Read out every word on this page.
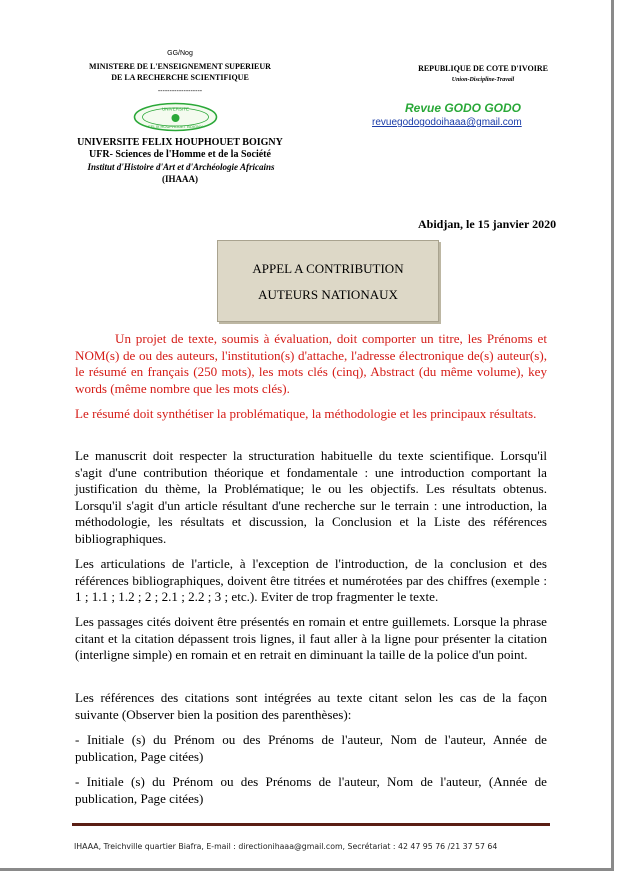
GG/Nog
MINISTERE DE L'ENSEIGNEMENT SUPERIEUR
DE LA RECHERCHE SCIENTIFIQUE
-------------------
UNIVERSITE
FELIX HOUPHOUET BOIGNY
UNIVERSITE FELIX HOUPHOUET BOIGNY
UFR- Sciences de l'Homme et de la Société
Institut d'Histoire d'Art et d'Archéologie Africains
(IHAAA)
REPUBLIQUE DE COTE D'IVOIRE
Union-Discipline-Travail
Revue GODO GODO
revuegodogodoihaaa@gmail.com
Abidjan, le 15 janvier 2020
APPEL A CONTRIBUTION
AUTEURS NATIONAUX
Un projet de texte, soumis à évaluation, doit comporter un titre, les Prénoms et NOM(s) de ou des auteurs, l'institution(s) d'attache, l'adresse électronique de(s) auteur(s), le résumé en français (250 mots), les mots clés (cinq), Abstract (du même volume), key words (même nombre que les mots clés).
Le résumé doit synthétiser la problématique, la méthodologie et les principaux résultats.
Le manuscrit doit respecter la structuration habituelle du texte scientifique. Lorsqu'il s'agit d'une contribution théorique et fondamentale : une introduction comportant la justification du thème, la Problématique; le ou les objectifs. Les résultats obtenus. Lorsqu'il s'agit d'un article résultant d'une recherche sur le terrain : une introduction, la méthodologie, les résultats et discussion, la Conclusion et la Liste des références bibliographiques.
Les articulations de l'article, à l'exception de l'introduction, de la conclusion et des références bibliographiques, doivent être titrées et numérotées par des chiffres (exemple : 1 ; 1.1 ; 1.2 ; 2 ; 2.1 ; 2.2 ; 3 ; etc.). Eviter de trop fragmenter le texte.
Les passages cités doivent être présentés en romain et entre guillemets. Lorsque la phrase citant et la citation dépassent trois lignes, il faut aller à la ligne pour présenter la citation (interligne simple) en romain et en retrait en diminuant la taille de la police d'un point.
Les références des citations sont intégrées au texte citant selon les cas de la façon suivante (Observer bien la position des parenthèses):
- Initiale (s) du Prénom ou des Prénoms de l'auteur, Nom de l'auteur, Année de publication, Page citées)
- Initiale (s) du Prénom ou des Prénoms de l'auteur, Nom de l'auteur, (Année de publication, Page citées)
IHAAA, Treichville quartier Biafra, E-mail : directionihaaa@gmail.com, Secrétariat : 42 47 95 76 /21 37 57 64
